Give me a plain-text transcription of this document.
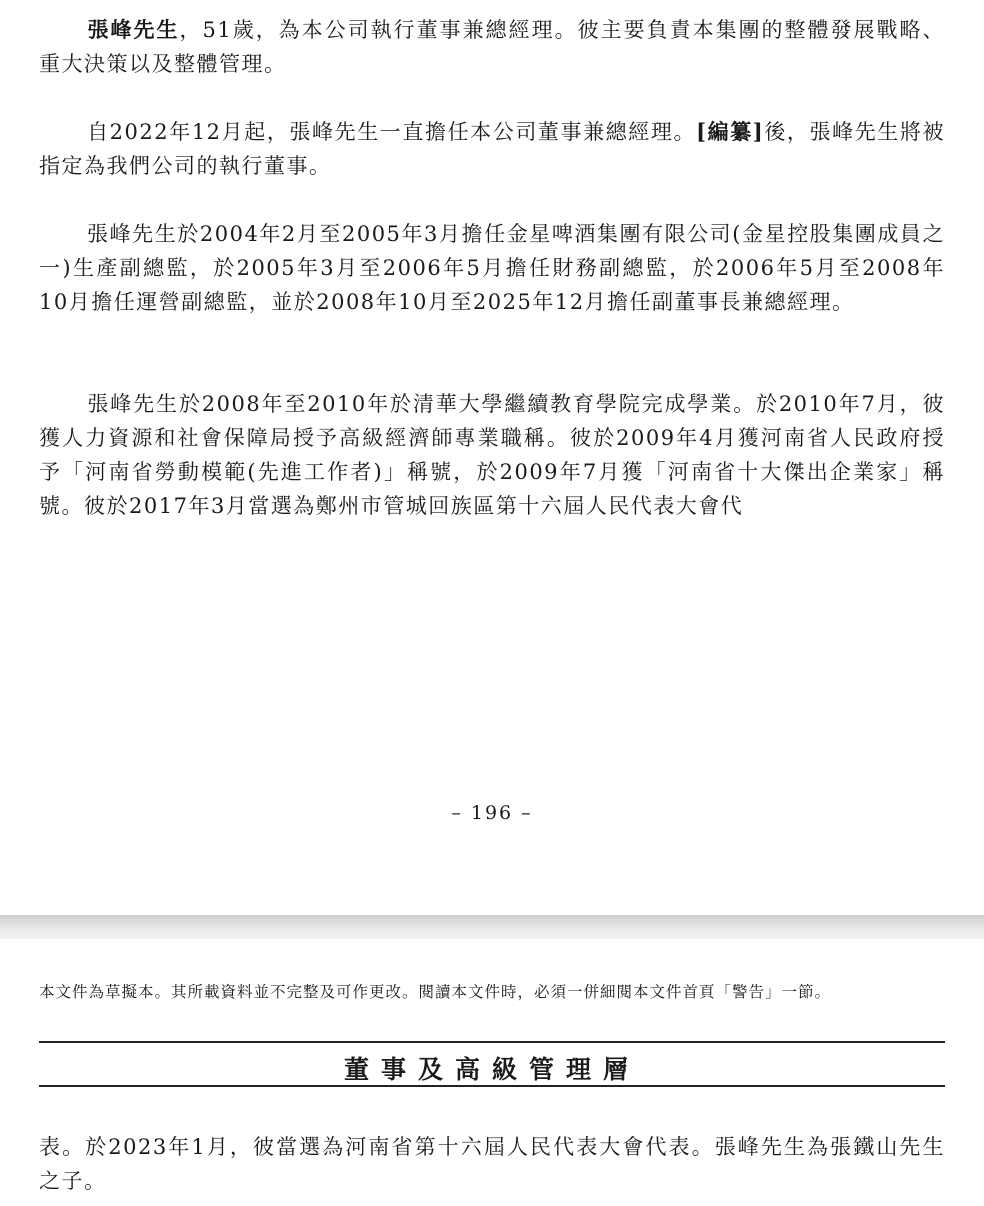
張峰先生，51歲，為本公司執行董事兼總經理。彼主要負責本集團的整體發展戰略、重大決策以及整體管理。

自2022年12月起，張峰先生一直擔任本公司董事兼總經理。[編纂]後，張峰先生將被指定為我們公司的執行董事。

張峰先生於2004年2月至2005年3月擔任金星啤酒集團有限公司(金星控股集團成員之一)生產副總監，於2005年3月至2006年5月擔任財務副總監，於2006年5月至2008年10月擔任運營副總監，並於2008年10月至2025年12月擔任副董事長兼總經理。

張峰先生於2008年至2010年於清華大學繼續教育學院完成學業。於2010年7月，彼獲人力資源和社會保障局授予高級經濟師專業職稱。彼於2009年4月獲河南省人民政府授予「河南省勞動模範(先進工作者)」稱號，於2009年7月獲「河南省十大傑出企業家」稱號。彼於2017年3月當選為鄭州市管城回族區第十六屆人民代表大會代

– 196 –

本文件為草擬本。其所載資料並不完整及可作更改。閱讀本文件時，必須一併細閱本文件首頁「警告」一節。

董事及高級管理層

表。於2023年1月，彼當選為河南省第十六屆人民代表大會代表。張峰先生為張鐵山先生之子。
